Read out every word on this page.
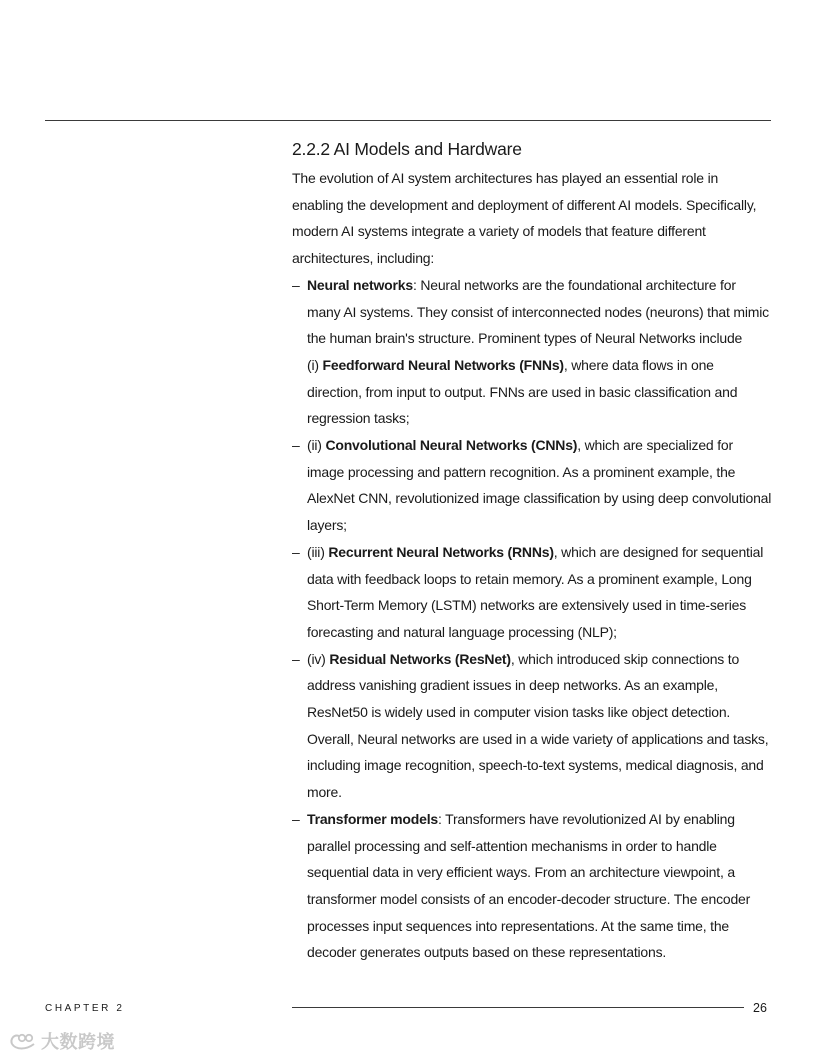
2.2.2 AI Models and Hardware

The evolution of AI system architectures has played an essential role in enabling the development and deployment of different AI models. Specifically, modern AI systems integrate a variety of models that feature different architectures, including:

– Neural networks: Neural networks are the foundational architecture for many AI systems. They consist of interconnected nodes (neurons) that mimic the human brain's structure. Prominent types of Neural Networks include
(i) Feedforward Neural Networks (FNNs), where data flows in one direction, from input to output. FNNs are used in basic classification and regression tasks;
– (ii) Convolutional Neural Networks (CNNs), which are specialized for image processing and pattern recognition. As a prominent example, the AlexNet CNN, revolutionized image classification by using deep convolutional layers;
– (iii) Recurrent Neural Networks (RNNs), which are designed for sequential data with feedback loops to retain memory. As a prominent example, Long Short-Term Memory (LSTM) networks are extensively used in time-series forecasting and natural language processing (NLP);
– (iv) Residual Networks (ResNet), which introduced skip connections to address vanishing gradient issues in deep networks. As an example, ResNet50 is widely used in computer vision tasks like object detection. Overall, Neural networks are used in a wide variety of applications and tasks, including image recognition, speech-to-text systems, medical diagnosis, and more.
– Transformer models: Transformers have revolutionized AI by enabling parallel processing and self-attention mechanisms in order to handle sequential data in very efficient ways. From an architecture viewpoint, a transformer model consists of an encoder-decoder structure. The encoder processes input sequences into representations. At the same time, the decoder generates outputs based on these representations.
CHAPTER 2	26
大数跨境
